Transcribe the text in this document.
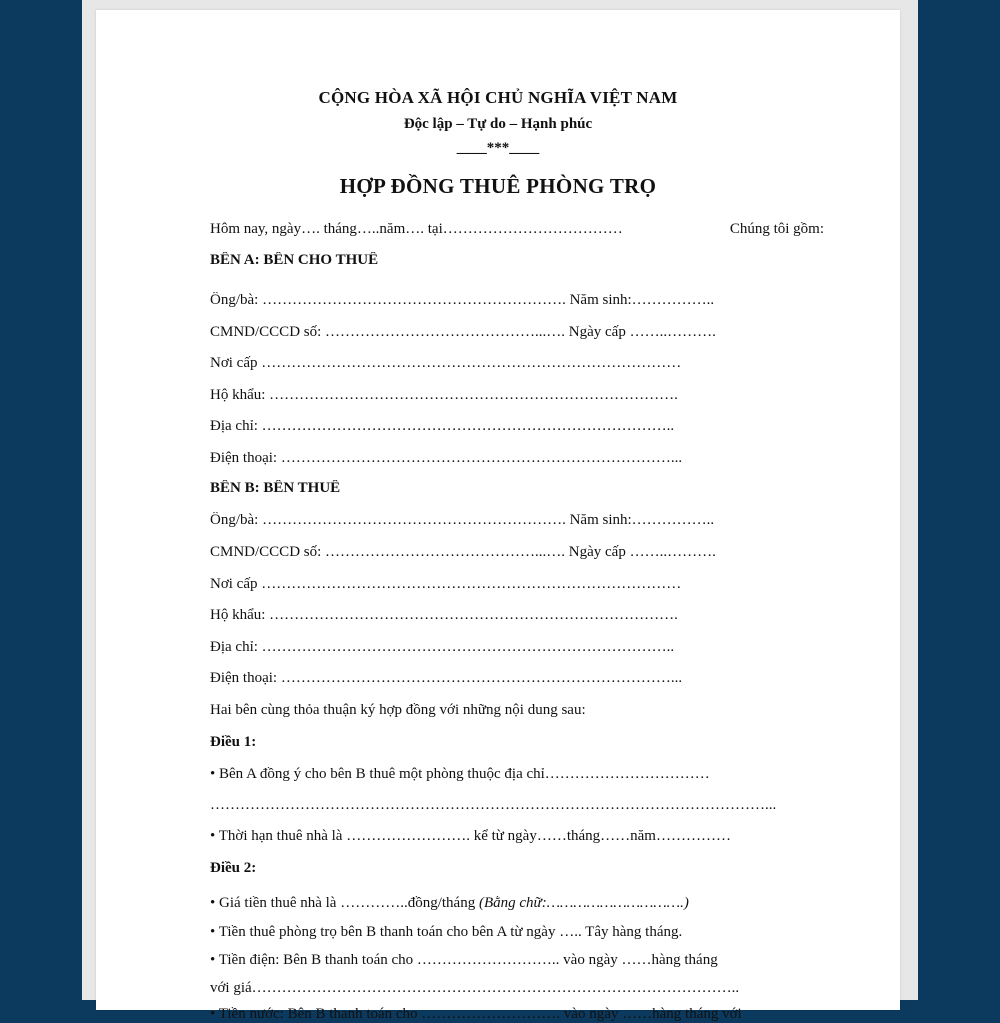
CỘNG HÒA XÃ HỘI CHỦ NGHĨA VIỆT NAM
Độc lập – Tự do – Hạnh phúc
____***____
HỢP ĐỒNG THUÊ PHÒNG TRỌ
Hôm nay, ngày…. tháng…..năm…. tại………………………………	Chúng tôi gồm:
BÊN A: BÊN CHO THUÊ
Ông/bà: ……………………………………………………. Năm sinh:……………..
CMND/CCCD số: ……………………………………...…. Ngày cấp ……..……….
Nơi cấp …………………………………………………………………………
Hộ khẩu: ……………………………………………………………………….
Địa chỉ: ………………………………………………………………………..
Điện thoại: ……………………………………………………………………...
BÊN B: BÊN THUÊ
Ông/bà: ……………………………………………………. Năm sinh:……………..
CMND/CCCD số: ……………………………………...…. Ngày cấp ……..……….
Nơi cấp …………………………………………………………………………
Hộ khẩu: ……………………………………………………………………….
Địa chỉ: ………………………………………………………………………..
Điện thoại: ……………………………………………………………………...
Hai bên cùng thỏa thuận ký hợp đồng với những nội dung sau:
Điều 1:
• Bên A đồng ý cho bên B thuê một phòng thuộc địa chỉ……………………………
…………………………………………………………………………………………………...
• Thời hạn thuê nhà là ……………………. kể từ ngày……tháng……năm……………
Điều 2:
• Giá tiền thuê nhà là …………..đồng/tháng (Bằng chữ:………………………….)
• Tiền thuê phòng trọ bên B thanh toán cho bên A từ ngày ….. Tây hàng tháng.
• Tiền điện: Bên B thanh toán cho ……………………….. vào ngày ……hàng tháng
với giá……………………………………………………………………………………..
• Tiền nước: Bên B thanh toán cho ………………………. vào ngày ……hàng tháng với
